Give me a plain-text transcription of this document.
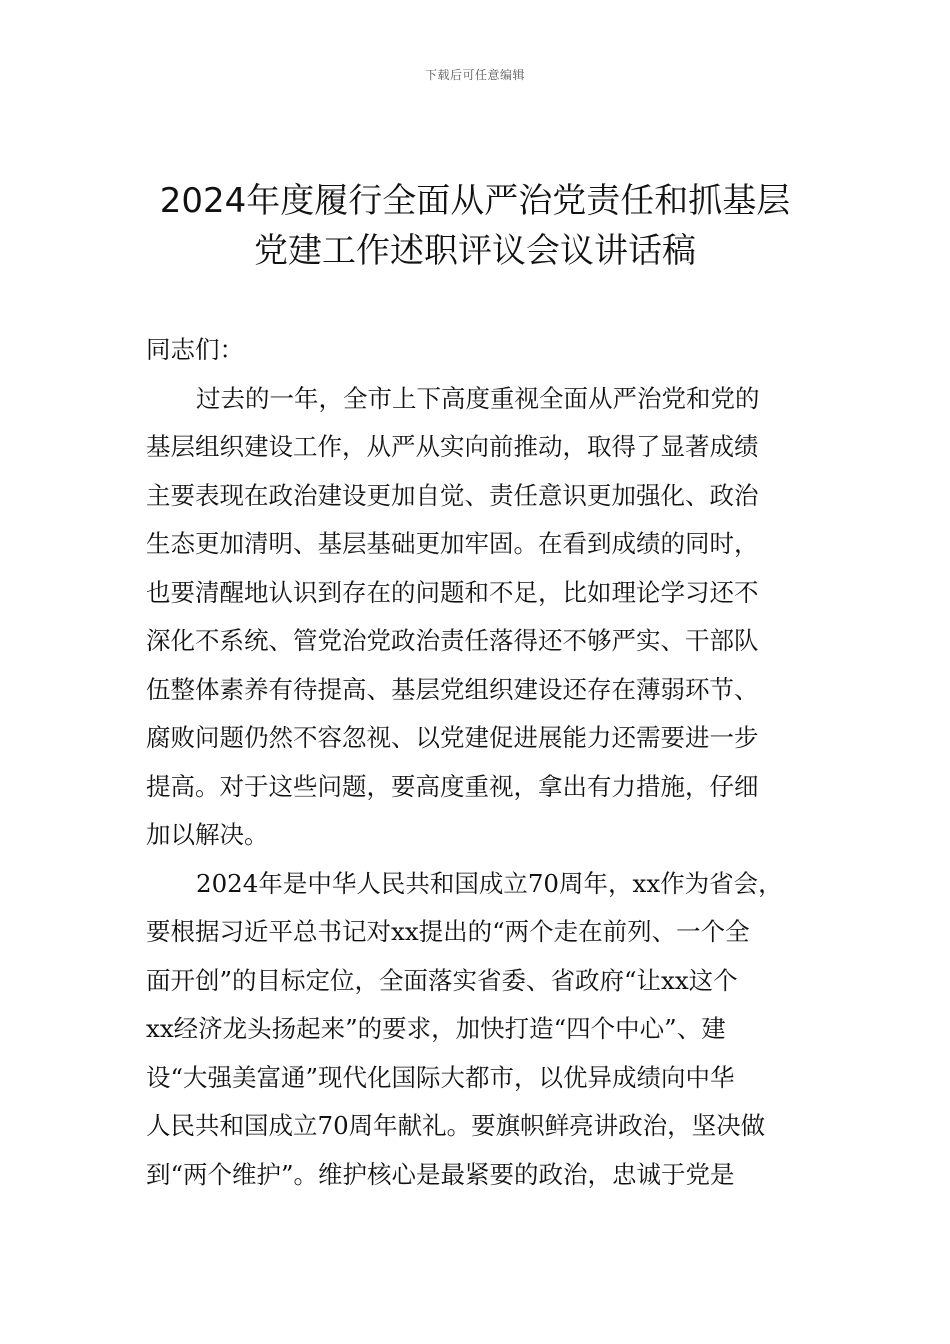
下载后可任意编辑
2024年度履行全面从严治党责任和抓基层
党建工作述职评议会议讲话稿
同志们：
过去的一年，全市上下高度重视全面从严治党和党的
基层组织建设工作，从严从实向前推动，取得了显著成绩
主要表现在政治建设更加自觉、责任意识更加强化、政治
生态更加清明、基层基础更加牢固。在看到成绩的同时，
也要清醒地认识到存在的问题和不足，比如理论学习还不
深化不系统、管党治党政治责任落得还不够严实、干部队
伍整体素养有待提高、基层党组织建设还存在薄弱环节、
腐败问题仍然不容忽视、以党建促进展能力还需要进一步
提高。对于这些问题，要高度重视，拿出有力措施，仔细
加以解决。
2024年是中华人民共和国成立70周年，xx作为省会，
要根据习近平总书记对xx提出的“两个走在前列、一个全
面开创”的目标定位，全面落实省委、省政府“让xx这个
xx经济龙头扬起来”的要求，加快打造“四个中心”、建
设“大强美富通”现代化国际大都市，以优异成绩向中华
人民共和国成立70周年献礼。要旗帜鲜亮讲政治，坚决做
到“两个维护”。维护核心是最紧要的政治，忠诚于党是
